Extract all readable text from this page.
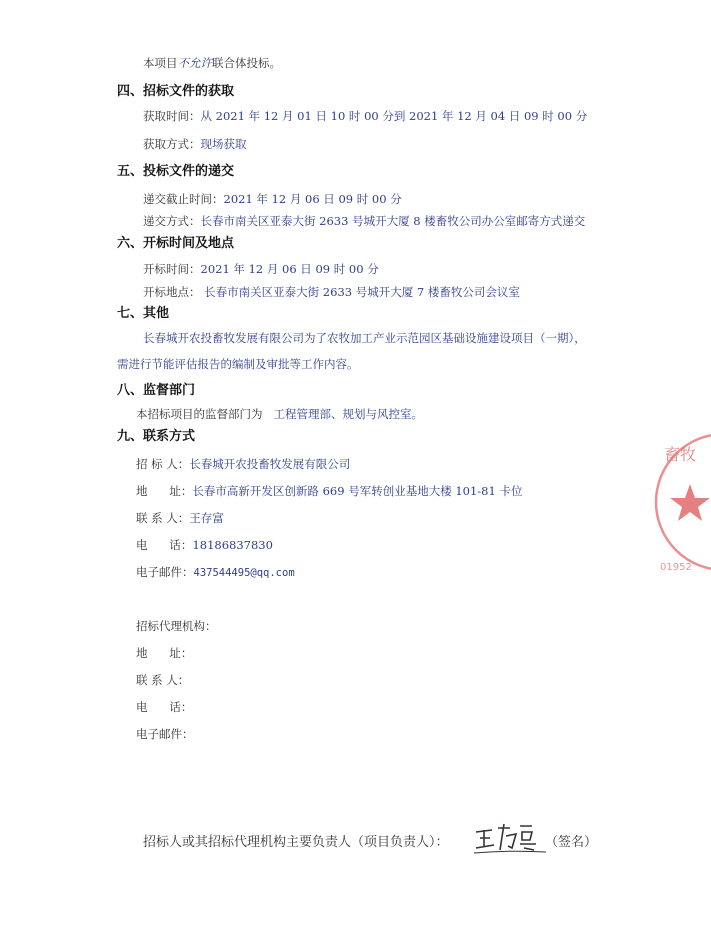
本项目不允许联合体投标。
四、招标文件的获取
获取时间：从 2021 年 12 月 01 日 10 时 00 分到 2021 年 12 月 04 日 09 时 00 分
获取方式：现场获取
五、投标文件的递交
递交截止时间：2021 年 12 月 06 日 09 时 00 分
递交方式：长春市南关区亚泰大街 2633 号城开大厦 8 楼畜牧公司办公室邮寄方式递交
六、开标时间及地点
开标时间：2021 年 12 月 06 日 09 时 00 分
开标地点： 长春市南关区亚泰大街 2633 号城开大厦 7 楼畜牧公司会议室
七、其他
长春城开农投畜牧发展有限公司为了农牧加工产业示范园区基础设施建设项目（一期），
需进行节能评估报告的编制及审批等工作内容。
八、监督部门
本招标项目的监督部门为 工程管理部、规划与风控室。
九、联系方式
招 标 人：长春城开农投畜牧发展有限公司
地      址：长春市高新开发区创新路 669 号军转创业基地大楼 101-81 卡位
联 系 人：王存富
电      话：18186837830
电子邮件：437544495@qq.com
招标代理机构：
地      址：
联 系 人：
电      话：
电子邮件：
招标人或其招标代理机构主要负责人（项目负责人）：	（签名）
畜牧
01952
